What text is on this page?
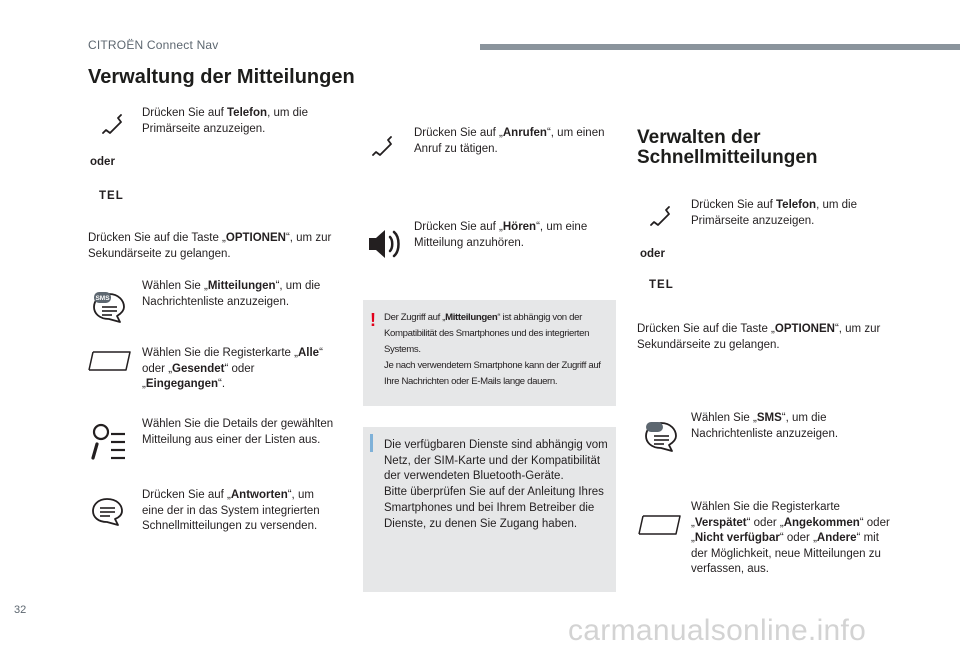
CITROËN Connect Nav
Verwaltung der Mitteilungen
Drücken Sie auf Telefon, um die Primärseite anzuzeigen.
oder
TEL
Drücken Sie auf die Taste „OPTIONEN“, um zur Sekundärseite zu gelangen.
SMS
Wählen Sie „Mitteilungen“, um die Nachrichtenliste anzuzeigen.
Wählen Sie die Registerkarte „Alle“ oder „Gesendet“ oder „Eingegangen“.
Wählen Sie die Details der gewählten Mitteilung aus einer der Listen aus.
Drücken Sie auf „Antworten“, um eine der in das System integrierten Schnellmitteilungen zu versenden.
Drücken Sie auf „Anrufen“, um einen Anruf zu tätigen.
Drücken Sie auf „Hören“, um eine Mitteilung anzuhören.
! Der Zugriff auf „Mitteilungen“ ist abhängig von der Kompatibilität des Smartphones und des integrierten Systems.
Je nach verwendetem Smartphone kann der Zugriff auf Ihre Nachrichten oder E-Mails lange dauern.
Die verfügbaren Dienste sind abhängig vom Netz, der SIM-Karte und der Kompatibilität der verwendeten Bluetooth-Geräte.
Bitte überprüfen Sie auf der Anleitung Ihres Smartphones und bei Ihrem Betreiber die Dienste, zu denen Sie Zugang haben.
Verwalten der
Schnellmitteilungen
Drücken Sie auf Telefon, um die Primärseite anzuzeigen.
oder
TEL
Drücken Sie auf die Taste „OPTIONEN“, um zur Sekundärseite zu gelangen.
Wählen Sie „SMS“, um die Nachrichtenliste anzuzeigen.
Wählen Sie die Registerkarte „Verspätet“ oder „Angekommen“ oder „Nicht verfügbar“ oder „Andere“ mit der Möglichkeit, neue Mitteilungen zu verfassen, aus.
32
carmanualsonline.info
